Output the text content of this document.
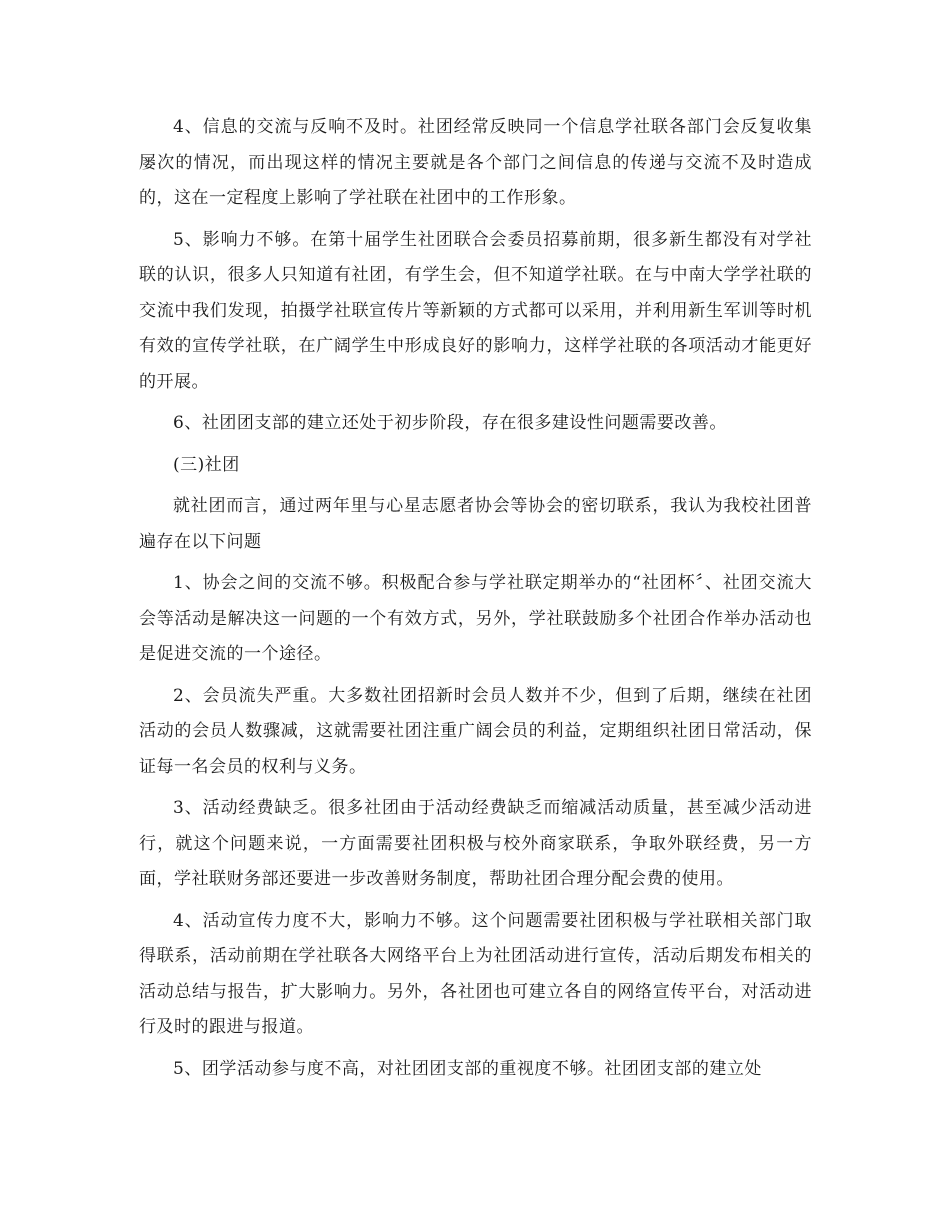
4、信息的交流与反响不及时。社团经常反映同一个信息学社联各部门会反复收集屡次的情况，而出现这样的情况主要就是各个部门之间信息的传递与交流不及时造成的，这在一定程度上影响了学社联在社团中的工作形象。

5、影响力不够。在第十届学生社团联合会委员招募前期，很多新生都没有对学社联的认识，很多人只知道有社团，有学生会，但不知道学社联。在与中南大学学社联的交流中我们发现，拍摄学社联宣传片等新颖的方式都可以采用，并利用新生军训等时机有效的宣传学社联，在广阔学生中形成良好的影响力，这样学社联的各项活动才能更好的开展。

6、社团团支部的建立还处于初步阶段，存在很多建设性问题需要改善。

(三)社团

就社团而言，通过两年里与心星志愿者协会等协会的密切联系，我认为我校社团普遍存在以下问题

1、协会之间的交流不够。积极配合参与学社联定期举办的“社团杯〞、社团交流大会等活动是解决这一问题的一个有效方式，另外，学社联鼓励多个社团合作举办活动也是促进交流的一个途径。

2、会员流失严重。大多数社团招新时会员人数并不少，但到了后期，继续在社团活动的会员人数骤减，这就需要社团注重广阔会员的利益，定期组织社团日常活动，保证每一名会员的权利与义务。

3、活动经费缺乏。很多社团由于活动经费缺乏而缩减活动质量，甚至减少活动进行，就这个问题来说，一方面需要社团积极与校外商家联系，争取外联经费，另一方面，学社联财务部还要进一步改善财务制度，帮助社团合理分配会费的使用。

4、活动宣传力度不大，影响力不够。这个问题需要社团积极与学社联相关部门取得联系，活动前期在学社联各大网络平台上为社团活动进行宣传，活动后期发布相关的活动总结与报告，扩大影响力。另外，各社团也可建立各自的网络宣传平台，对活动进行及时的跟进与报道。

5、团学活动参与度不高，对社团团支部的重视度不够。社团团支部的建立处
